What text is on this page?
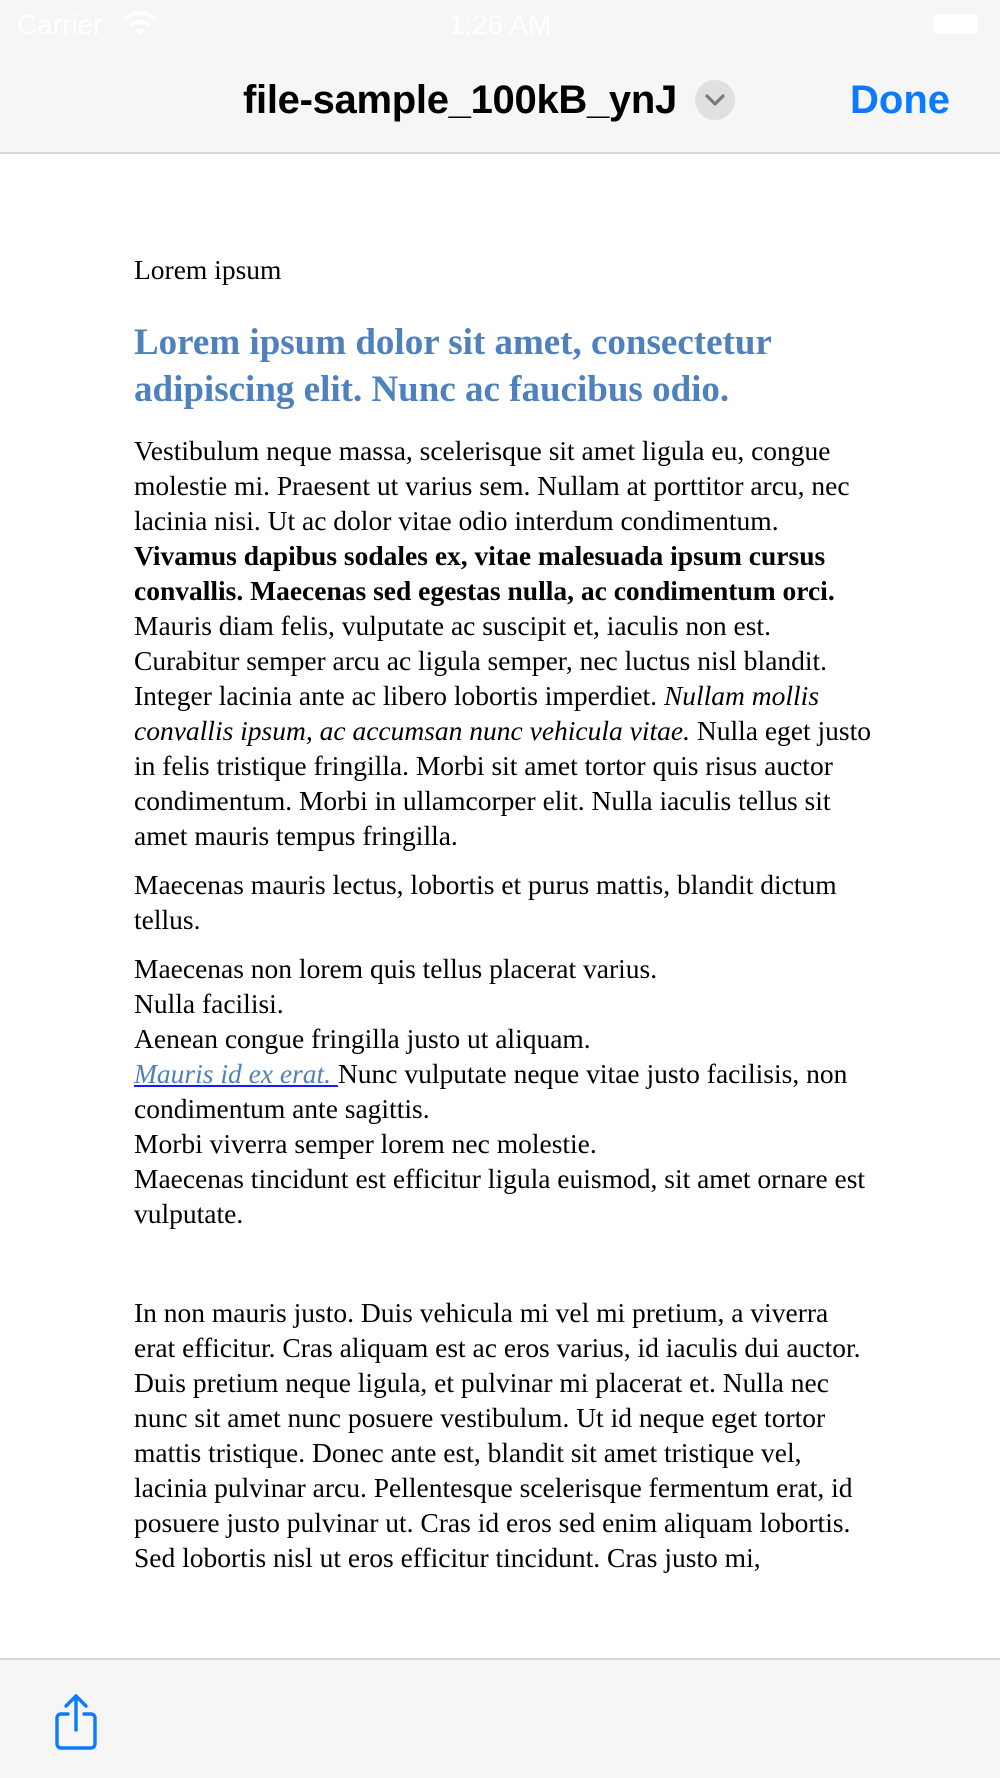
Carrier	1:26 AM
file-sample_100kB_ynJ	Done

Lorem ipsum

Lorem ipsum dolor sit amet, consectetur adipiscing elit. Nunc ac faucibus odio.

Vestibulum neque massa, scelerisque sit amet ligula eu, congue molestie mi. Praesent ut varius sem. Nullam at porttitor arcu, nec lacinia nisi. Ut ac dolor vitae odio interdum condimentum. Vivamus dapibus sodales ex, vitae malesuada ipsum cursus convallis. Maecenas sed egestas nulla, ac condimentum orci. Mauris diam felis, vulputate ac suscipit et, iaculis non est. Curabitur semper arcu ac ligula semper, nec luctus nisl blandit. Integer lacinia ante ac libero lobortis imperdiet. Nullam mollis convallis ipsum, ac accumsan nunc vehicula vitae. Nulla eget justo in felis tristique fringilla. Morbi sit amet tortor quis risus auctor condimentum. Morbi in ullamcorper elit. Nulla iaculis tellus sit amet mauris tempus fringilla.

Maecenas mauris lectus, lobortis et purus mattis, blandit dictum tellus.

Maecenas non lorem quis tellus placerat varius.
Nulla facilisi.
Aenean congue fringilla justo ut aliquam.
Mauris id ex erat. Nunc vulputate neque vitae justo facilisis, non condimentum ante sagittis.
Morbi viverra semper lorem nec molestie.
Maecenas tincidunt est efficitur ligula euismod, sit amet ornare est vulputate.

In non mauris justo. Duis vehicula mi vel mi pretium, a viverra erat efficitur. Cras aliquam est ac eros varius, id iaculis dui auctor. Duis pretium neque ligula, et pulvinar mi placerat et. Nulla nec nunc sit amet nunc posuere vestibulum. Ut id neque eget tortor mattis tristique. Donec ante est, blandit sit amet tristique vel, lacinia pulvinar arcu. Pellentesque scelerisque fermentum erat, id posuere justo pulvinar ut. Cras id eros sed enim aliquam lobortis. Sed lobortis nisl ut eros efficitur tincidunt. Cras justo mi,
